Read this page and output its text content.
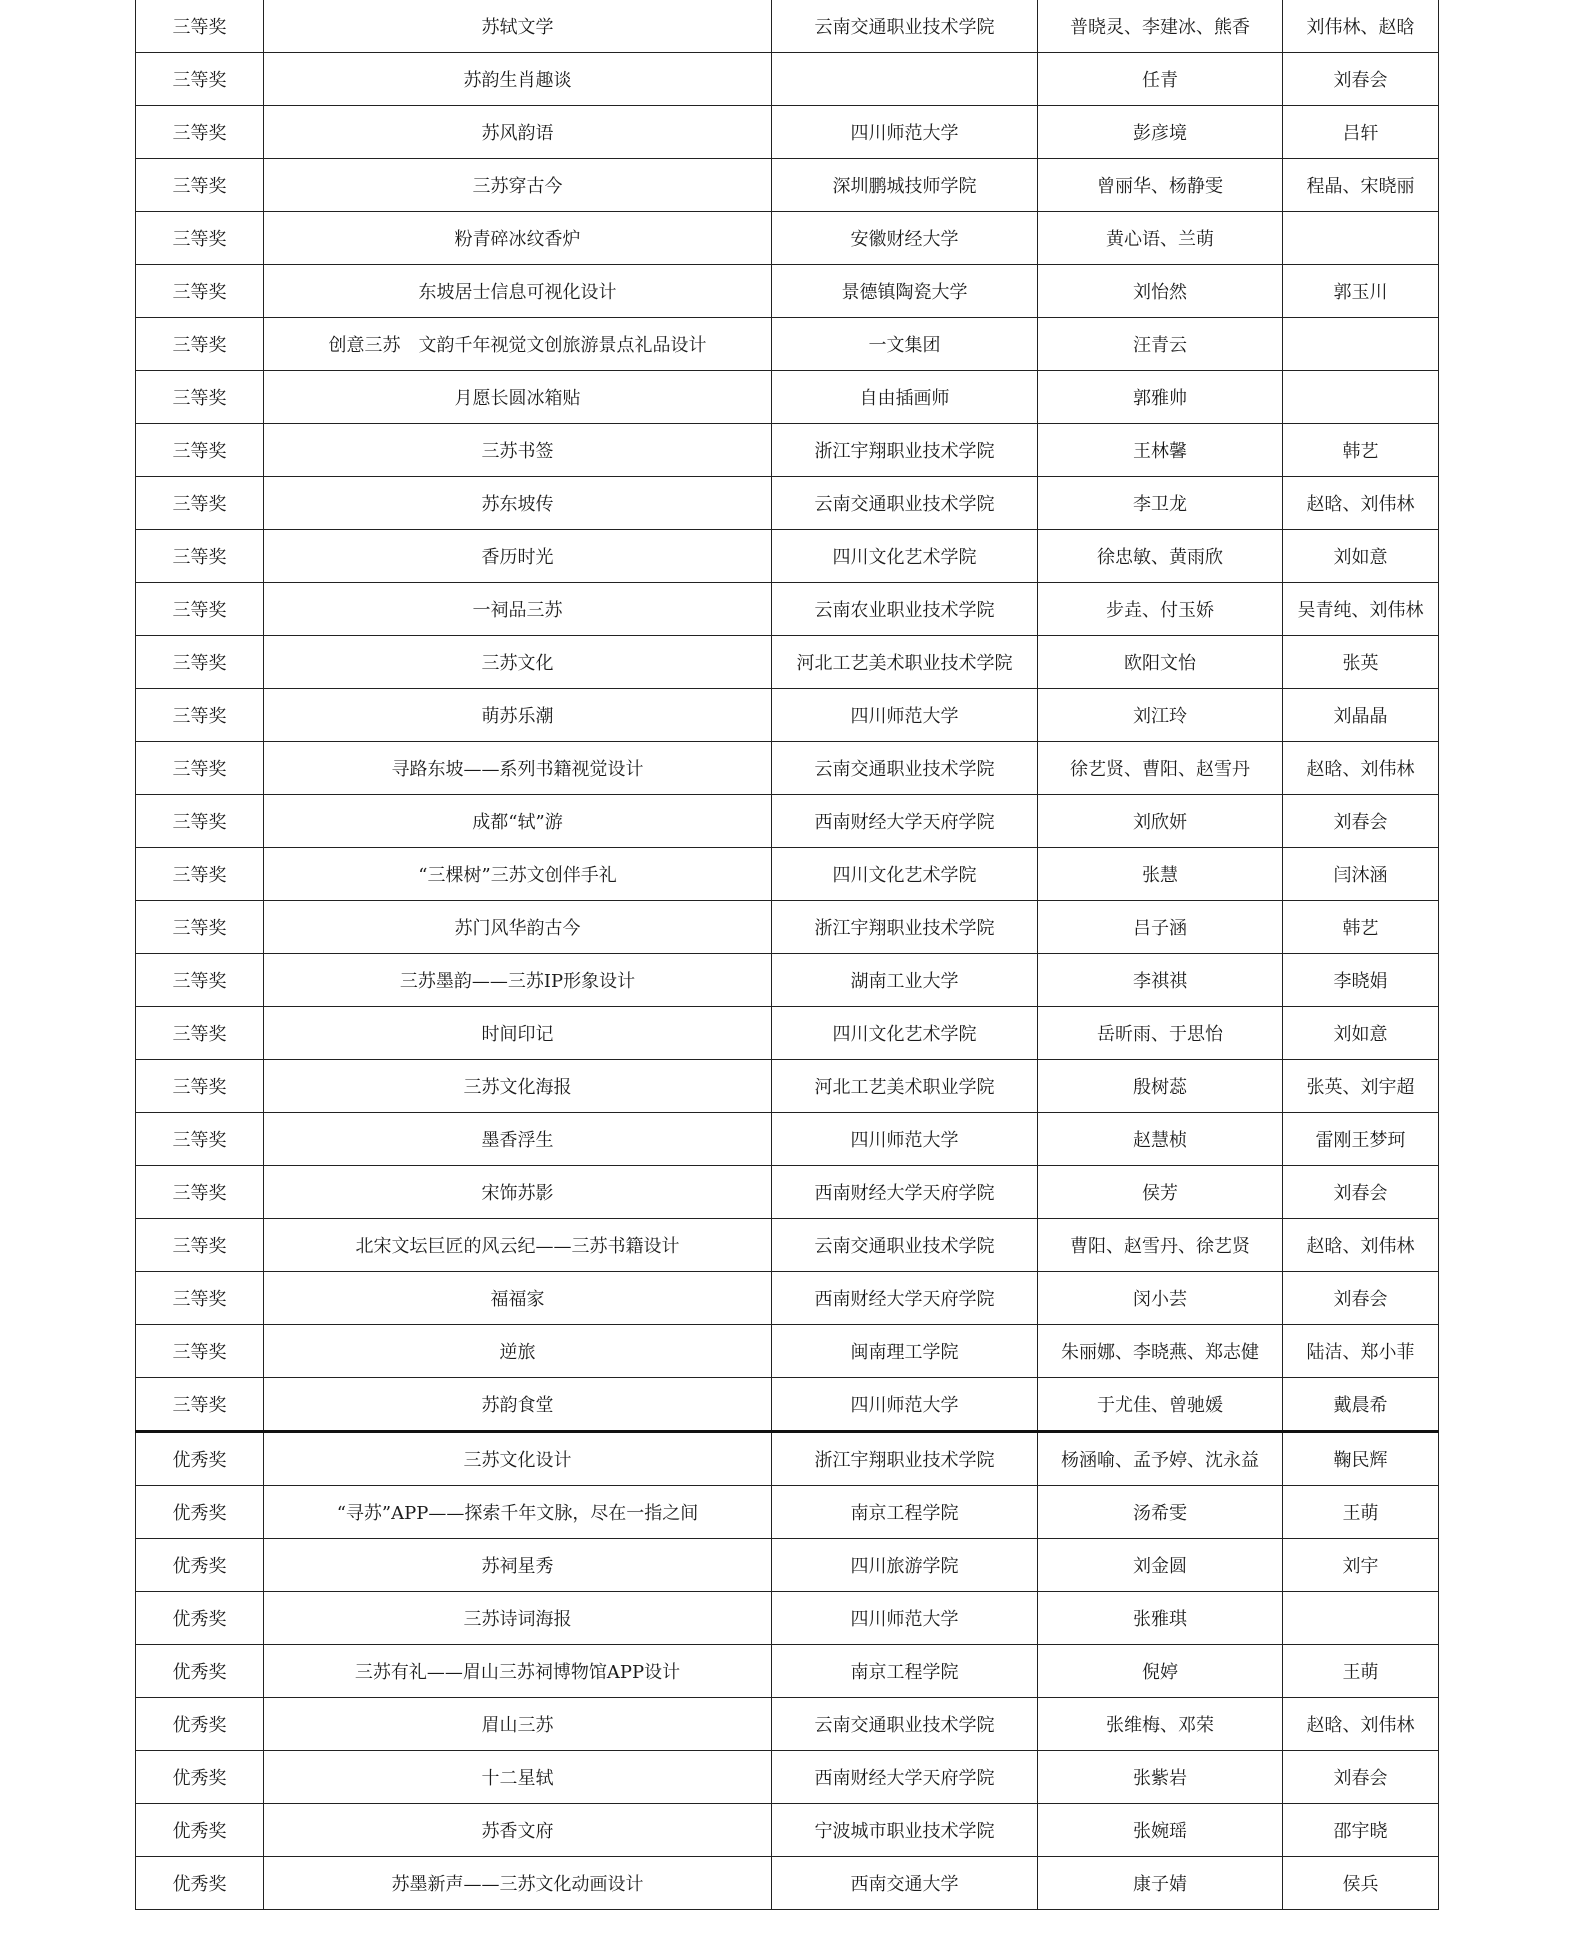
三等奖	苏轼文学	云南交通职业技术学院	普晓灵、李建冰、熊香	刘伟林、赵晗
三等奖	苏韵生肖趣谈		任青	刘春会
三等奖	苏风韵语	四川师范大学	彭彦境	吕轩
三等奖	三苏穿古今	深圳鹏城技师学院	曾丽华、杨静雯	程晶、宋晓丽
三等奖	粉青碎冰纹香炉	安徽财经大学	黄心语、兰萌	
三等奖	东坡居士信息可视化设计	景德镇陶瓷大学	刘怡然	郭玉川
三等奖	创意三苏　文韵千年视觉文创旅游景点礼品设计	一文集团	汪青云	
三等奖	月愿长圆冰箱贴	自由插画师	郭雅帅	
三等奖	三苏书签	浙江宇翔职业技术学院	王林馨	韩艺
三等奖	苏东坡传	云南交通职业技术学院	李卫龙	赵晗、刘伟林
三等奖	香历时光	四川文化艺术学院	徐忠敏、黄雨欣	刘如意
三等奖	一祠品三苏	云南农业职业技术学院	步垚、付玉娇	吴青纯、刘伟林
三等奖	三苏文化	河北工艺美术职业技术学院	欧阳文怡	张英
三等奖	萌苏乐潮	四川师范大学	刘江玲	刘晶晶
三等奖	寻路东坡——系列书籍视觉设计	云南交通职业技术学院	徐艺贤、曹阳、赵雪丹	赵晗、刘伟林
三等奖	成都“轼”游	西南财经大学天府学院	刘欣妍	刘春会
三等奖	“三棵树”三苏文创伴手礼	四川文化艺术学院	张慧	闫沐涵
三等奖	苏门风华韵古今	浙江宇翔职业技术学院	吕子涵	韩艺
三等奖	三苏墨韵——三苏IP形象设计	湖南工业大学	李祺祺	李晓娟
三等奖	时间印记	四川文化艺术学院	岳昕雨、于思怡	刘如意
三等奖	三苏文化海报	河北工艺美术职业学院	殷树蕊	张英、刘宇超
三等奖	墨香浮生	四川师范大学	赵慧桢	雷刚王梦珂
三等奖	宋饰苏影	西南财经大学天府学院	侯芳	刘春会
三等奖	北宋文坛巨匠的风云纪——三苏书籍设计	云南交通职业技术学院	曹阳、赵雪丹、徐艺贤	赵晗、刘伟林
三等奖	福福家	西南财经大学天府学院	闵小芸	刘春会
三等奖	逆旅	闽南理工学院	朱丽娜、李晓燕、郑志健	陆洁、郑小菲
三等奖	苏韵食堂	四川师范大学	于尤佳、曾驰媛	戴晨希
优秀奖	三苏文化设计	浙江宇翔职业技术学院	杨涵喻、孟予婷、沈永益	鞠民辉
优秀奖	“寻苏”APP——探索千年文脉，尽在一指之间	南京工程学院	汤希雯	王萌
优秀奖	苏祠星秀	四川旅游学院	刘金圆	刘宇
优秀奖	三苏诗词海报	四川师范大学	张雅琪	
优秀奖	三苏有礼——眉山三苏祠博物馆APP设计	南京工程学院	倪婷	王萌
优秀奖	眉山三苏	云南交通职业技术学院	张维梅、邓荣	赵晗、刘伟林
优秀奖	十二星轼	西南财经大学天府学院	张紫岩	刘春会
优秀奖	苏香文府	宁波城市职业技术学院	张婉瑶	邵宇晓
优秀奖	苏墨新声——三苏文化动画设计	西南交通大学	康子婧	侯兵
